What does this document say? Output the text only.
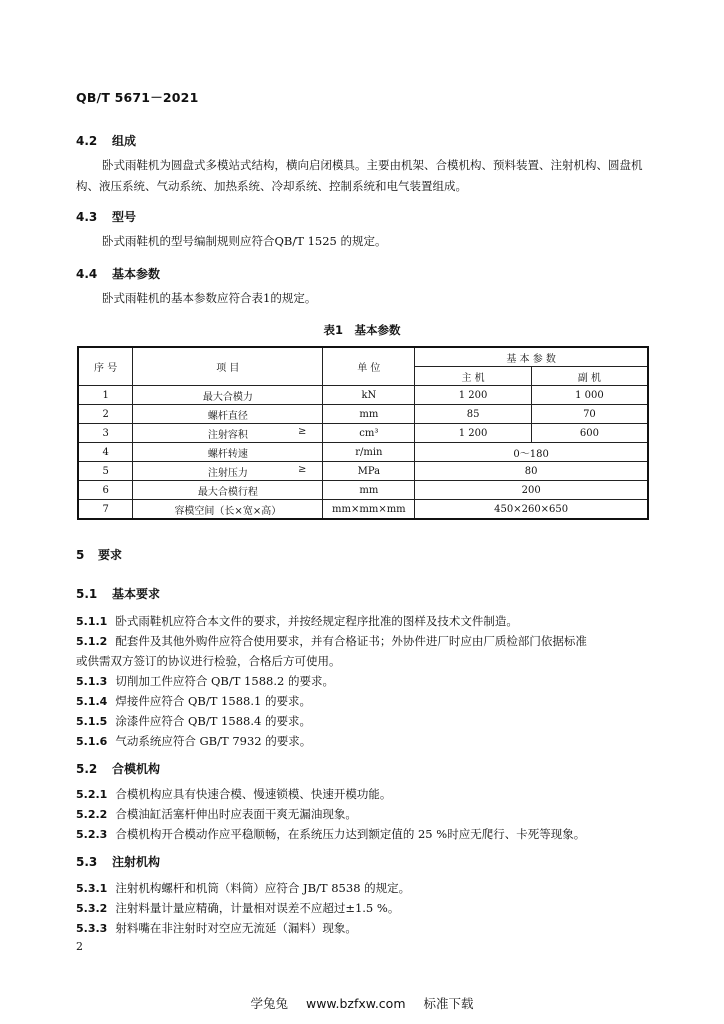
QB/T 5671－2021
4.2 组成
卧式雨鞋机为圆盘式多模站式结构，横向启闭模具。主要由机架、合模机构、预料装置、注射机构、圆盘机构、液压系统、气动系统、加热系统、冷却系统、控制系统和电气装置组成。
4.3 型号
卧式雨鞋机的型号编制规则应符合QB/T 1525 的规定。
4.4 基本参数
卧式雨鞋机的基本参数应符合表1的规定。
表1　基本参数
序 号	项 目	单 位	基 本 参 数	
			主 机	副 机
1	最大合模力	kN	1 200	1 000
2	螺杆直径	mm	85	70
3	注射容积 ≥	cm³	1 200	600
4	螺杆转速	r/min	0～180	
5	注射压力 ≥	MPa	80	
6	最大合模行程	mm	200	
7	容模空间（长×宽×高）	mm×mm×mm	450×260×650	
5 要求
5.1 基本要求
5.1.1 卧式雨鞋机应符合本文件的要求，并按经规定程序批准的图样及技术文件制造。
5.1.2 配套件及其他外购件应符合使用要求，并有合格证书；外协件进厂时应由厂质检部门依据标准
或供需双方签订的协议进行检验，合格后方可使用。
5.1.3 切削加工件应符合 QB/T 1588.2 的要求。
5.1.4 焊接件应符合 QB/T 1588.1 的要求。
5.1.5 涂漆件应符合 QB/T 1588.4 的要求。
5.1.6 气动系统应符合 GB/T 7932 的要求。
5.2 合模机构
5.2.1 合模机构应具有快速合模、慢速锁模、快速开模功能。
5.2.2 合模油缸活塞杆伸出时应表面干爽无漏油现象。
5.2.3 合模机构开合模动作应平稳顺畅，在系统压力达到额定值的 25 %时应无爬行、卡死等现象。
5.3 注射机构
5.3.1 注射机构螺杆和机筒（料筒）应符合 JB/T 8538 的规定。
5.3.2 注射料量计量应精确，计量相对误差不应超过±1.5 %。
5.3.3 射料嘴在非注射时对空应无流延（漏料）现象。
2
学兔兔 www.bzfxw.com 标准下载
